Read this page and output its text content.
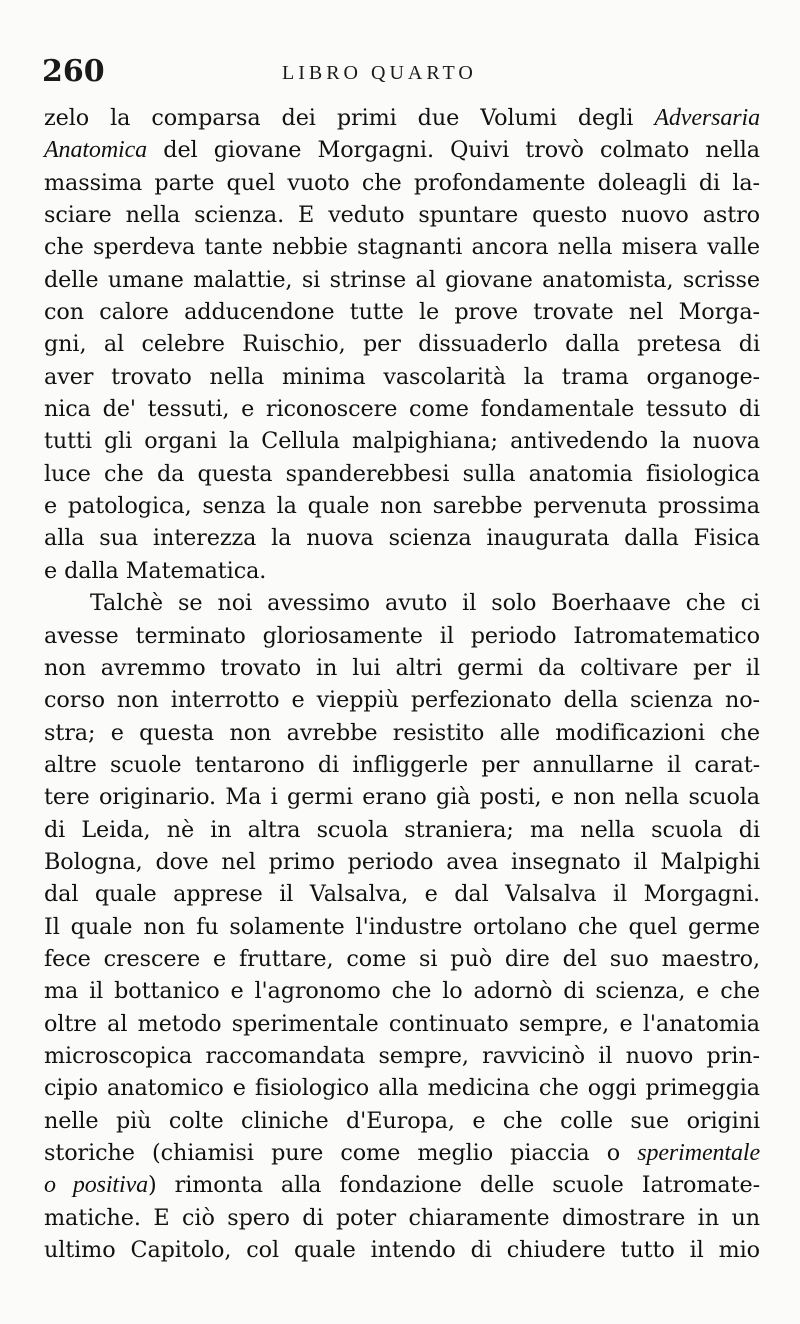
260	LIBRO QUARTO
zelo la comparsa dei primi due Volumi degli Adversaria
Anatomica del giovane Morgagni. Quivi trovò colmato nella
massima parte quel vuoto che profondamente doleagli di la-
sciare nella scienza. E veduto spuntare questo nuovo astro
che sperdeva tante nebbie stagnanti ancora nella misera valle
delle umane malattie, si strinse al giovane anatomista, scrisse
con calore adducendone tutte le prove trovate nel Morga-
gni, al celebre Ruischio, per dissuaderlo dalla pretesa di
aver trovato nella minima vascolarità la trama organoge-
nica de' tessuti, e riconoscere come fondamentale tessuto di
tutti gli organi la Cellula malpighiana; antivedendo la nuova
luce che da questa spanderebbesi sulla anatomia fisiologica
e patologica, senza la quale non sarebbe pervenuta prossima
alla sua interezza la nuova scienza inaugurata dalla Fisica
e dalla Matematica.
Talchè se noi avessimo avuto il solo Boerhaave che ci
avesse terminato gloriosamente il periodo Iatromatematico
non avremmo trovato in lui altri germi da coltivare per il
corso non interrotto e vieppiù perfezionato della scienza no-
stra; e questa non avrebbe resistito alle modificazioni che
altre scuole tentarono di infliggerle per annullarne il carat-
tere originario. Ma i germi erano già posti, e non nella scuola
di Leida, nè in altra scuola straniera; ma nella scuola di
Bologna, dove nel primo periodo avea insegnato il Malpighi
dal quale apprese il Valsalva, e dal Valsalva il Morgagni.
Il quale non fu solamente l'industre ortolano che quel germe
fece crescere e fruttare, come si può dire del suo maestro,
ma il bottanico e l'agronomo che lo adornò di scienza, e che
oltre al metodo sperimentale continuato sempre, e l'anatomia
microscopica raccomandata sempre, ravvicinò il nuovo prin-
cipio anatomico e fisiologico alla medicina che oggi primeggia
nelle più colte cliniche d'Europa, e che colle sue origini
storiche (chiamisi pure come meglio piaccia o sperimentale
o positiva) rimonta alla fondazione delle scuole Iatromate-
matiche. E ciò spero di poter chiaramente dimostrare in un
ultimo Capitolo, col quale intendo di chiudere tutto il mio
